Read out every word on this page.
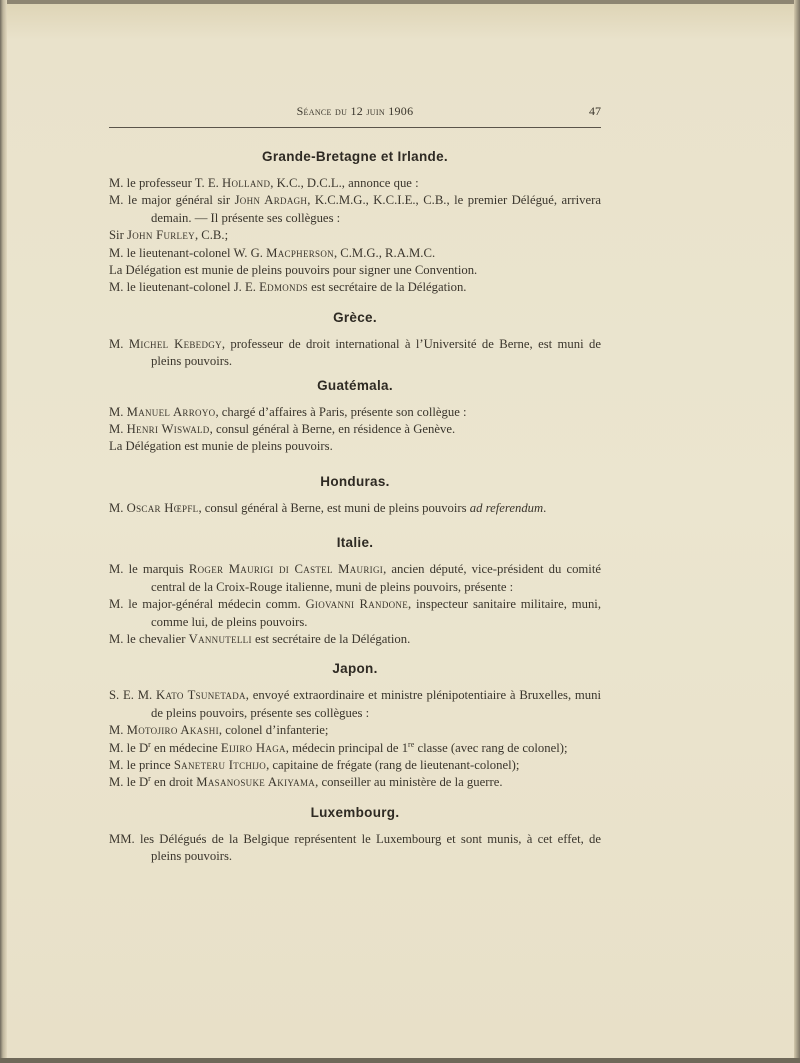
Séance du 12 juin 1906	47
Grande-Bretagne et Irlande.

M. le professeur T. E. Holland, K.C., D.C.L., annonce que :

M. le major général sir John Ardagh, K.C.M.G., K.C.I.E., C.B., le premier Délégué, arrivera demain. — Il présente ses collègues :

Sir John Furley, C.B.;

M. le lieutenant-colonel W. G. Macpherson, C.M.G., R.A.M.C.

La Délégation est munie de pleins pouvoirs pour signer une Convention.

M. le lieutenant-colonel J. E. Edmonds est secrétaire de la Délégation.

Grèce.

M. Michel Kebedgy, professeur de droit international à l’Université de Berne, est muni de pleins pouvoirs.

Guatémala.

M. Manuel Arroyo, chargé d’affaires à Paris, présente son collègue :

M. Henri Wiswald, consul général à Berne, en résidence à Genève.

La Délégation est munie de pleins pouvoirs.

Honduras.

M. Oscar Hœpfl, consul général à Berne, est muni de pleins pouvoirs ad referendum.

Italie.

M. le marquis Roger Maurigi di Castel Maurigi, ancien député, vice-président du comité central de la Croix-Rouge italienne, muni de pleins pouvoirs, présente :

M. le major-général médecin comm. Giovanni Randone, inspecteur sanitaire militaire, muni, comme lui, de pleins pouvoirs.

M. le chevalier Vannutelli est secrétaire de la Délégation.

Japon.

S. E. M. Kato Tsunetada, envoyé extraordinaire et ministre plénipotentiaire à Bruxelles, muni de pleins pouvoirs, présente ses collègues :

M. Motojiro Akashi, colonel d’infanterie;

M. le $D^r$ en médecine Eijiro Haga, médecin principal de 1re classe (avec rang de colonel);

M. le prince Saneteru Itchijo, capitaine de frégate (rang de lieutenant-colonel);

M. le $D^r$ en droit Masanosuke Akiyama, conseiller au ministère de la guerre.

Luxembourg.

MM. les Délégués de la Belgique représentent le Luxembourg et sont munis, à cet effet, de pleins pouvoirs.
